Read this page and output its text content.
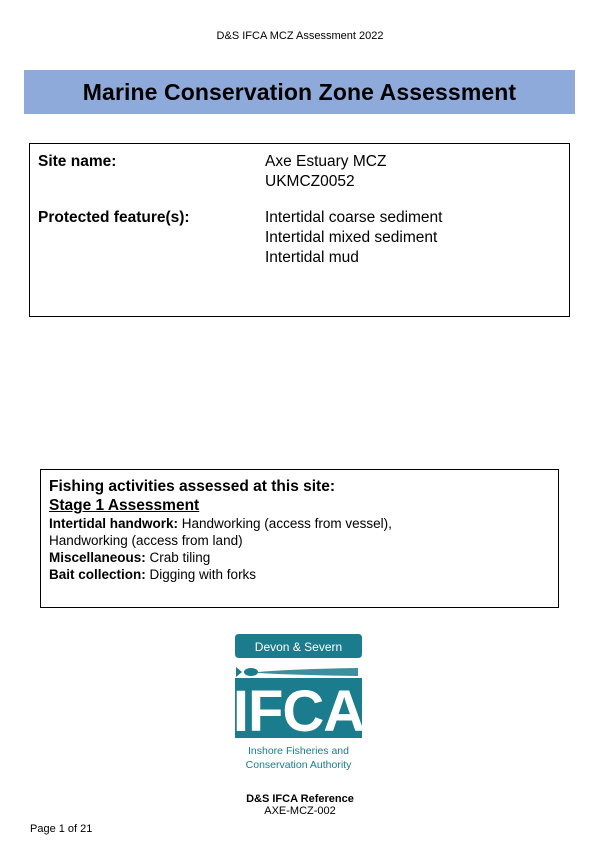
D&S IFCA MCZ Assessment 2022
Marine Conservation Zone Assessment
Site name:	Axe Estuary MCZ
UKMCZ0052
Protected feature(s):	Intertidal coarse sediment
Intertidal mixed sediment
Intertidal mud
Fishing activities assessed at this site:
Stage 1 Assessment
Intertidal handwork: Handworking (access from vessel),
Handworking (access from land)
Miscellaneous: Crab tiling
Bait collection: Digging with forks
Devon & Severn
IFCA
Inshore Fisheries and
Conservation Authority
D&S IFCA Reference
AXE-MCZ-002
Page 1 of 21
